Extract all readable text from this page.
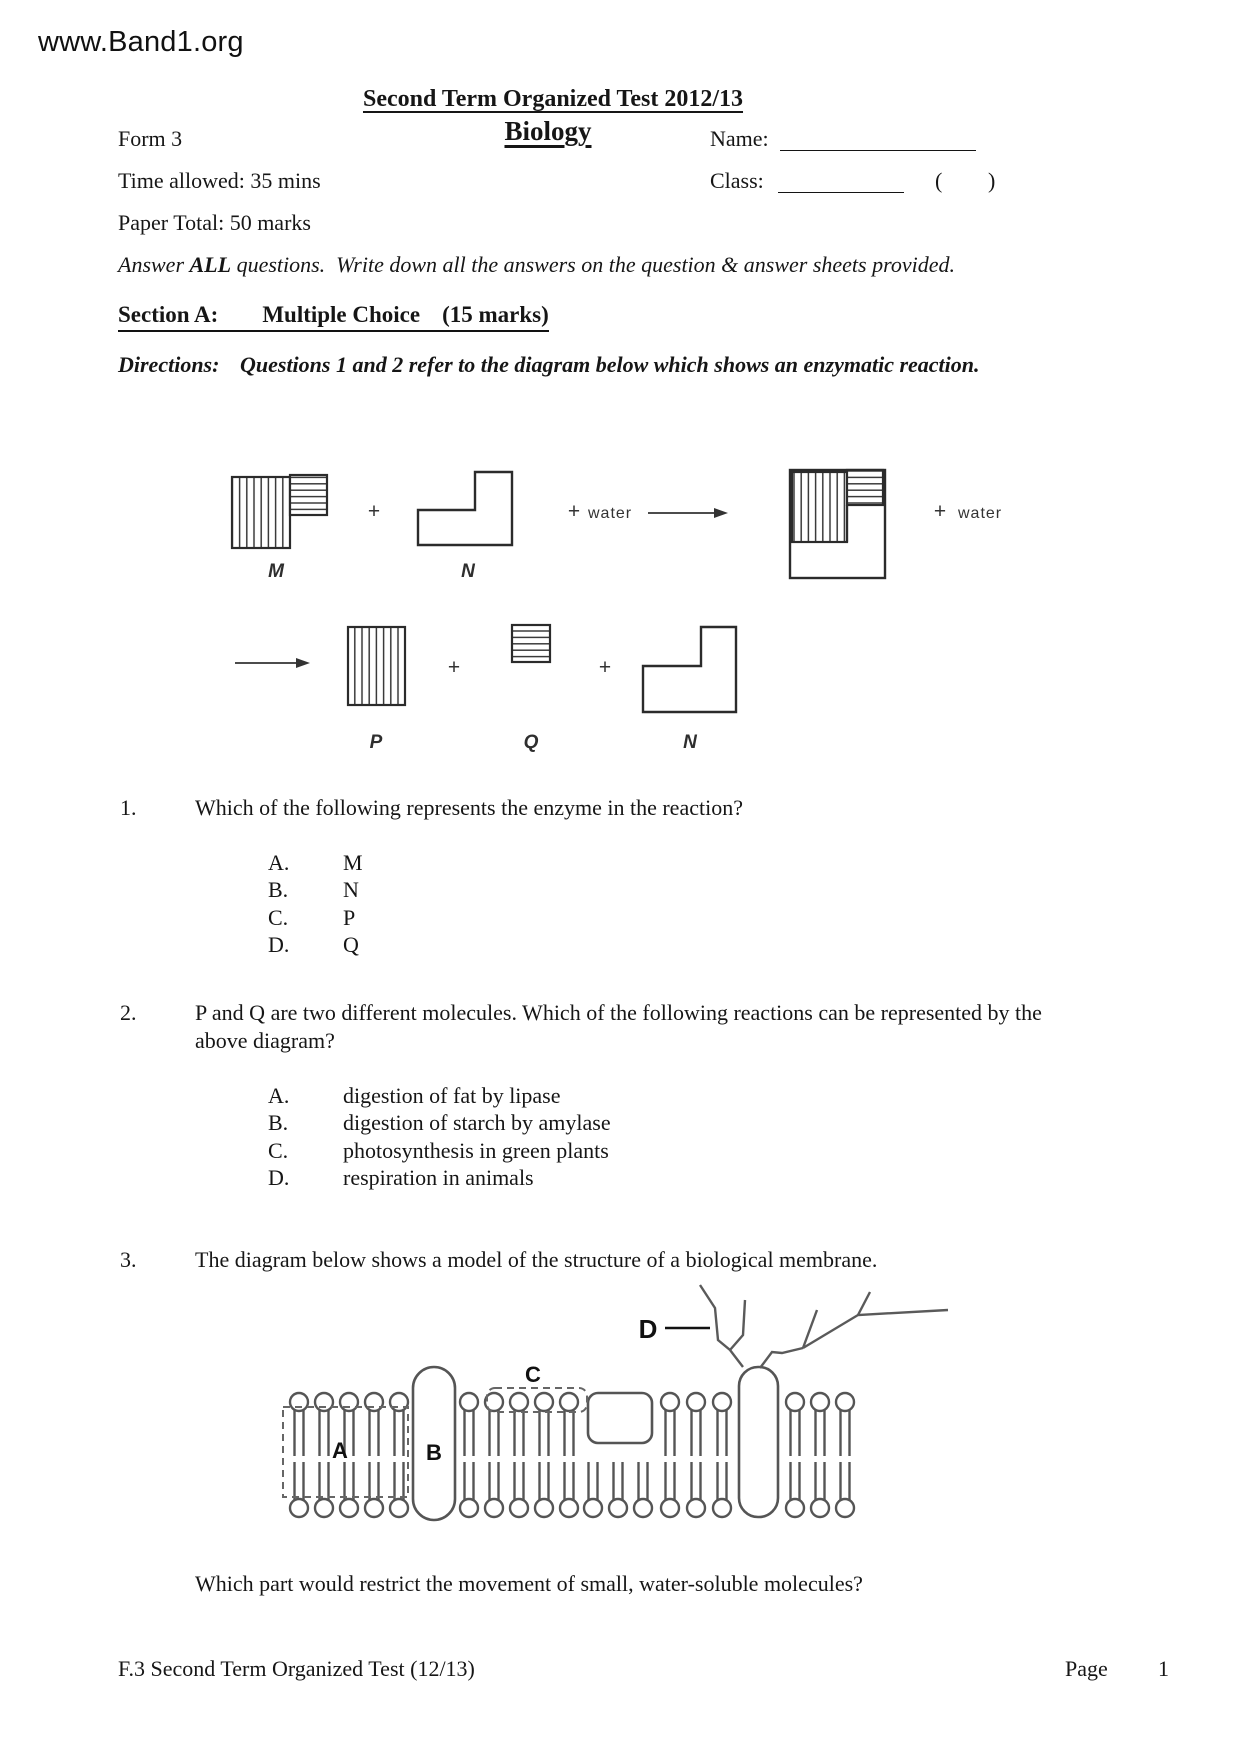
www.Band1.org
Second Term Organized Test 2012/13
Form 3	Biology	Name:
Time allowed: 35 mins	Class:	( )
Paper Total: 50 marks
Answer ALL questions.  Write down all the answers on the question & answer sheets provided.
Section A: Multiple Choice (15 marks)
Directions: Questions 1 and 2 refer to the diagram below which shows an enzymatic reaction.
M
+
N
+ water	+ water
P
+
Q
+
N
1.	Which of the following represents the enzyme in the reaction?
A.	M
B.	N
C.	P
D.	Q
2.	P and Q are two different molecules. Which of the following reactions can be represented by the
above diagram?
A.	digestion of fat by lipase
B.	digestion of starch by amylase
C.	photosynthesis in green plants
D.	respiration in animals
3.	The diagram below shows a model of the structure of a biological membrane.
A	B
C
D
Which part would restrict the movement of small, water-soluble molecules?
F.3 Second Term Organized Test (12/13)	Page 1
